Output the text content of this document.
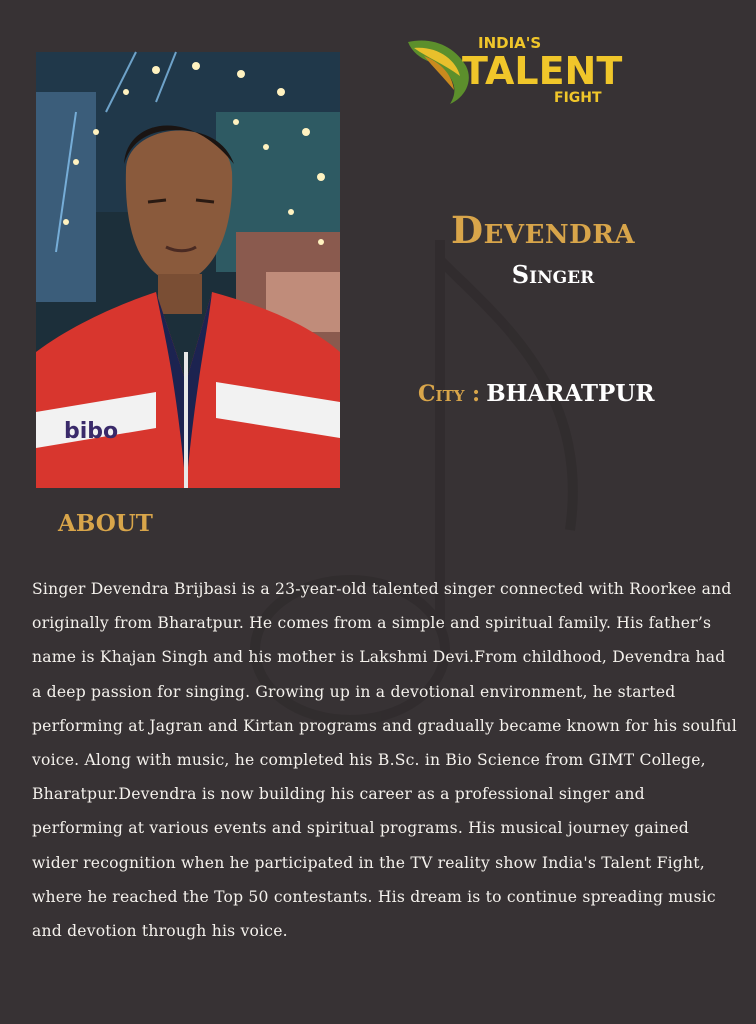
INDIA'S
TALENT
FIGHT
bibo
Devendra
Singer
City : BHARATPUR
ABOUT

Singer Devendra Brijbasi is a 23-year-old talented singer connected with Roorkee and originally from Bharatpur. He comes from a simple and spiritual family. His father’s name is Khajan Singh and his mother is Lakshmi Devi.From childhood, Devendra had a deep passion for singing. Growing up in a devotional environment, he started performing at Jagran and Kirtan programs and gradually became known for his soulful voice. Along with music, he completed his B.Sc. in Bio Science from GIMT College, Bharatpur.Devendra is now building his career as a professional singer and performing at various events and spiritual programs. His musical journey gained wider recognition when he participated in the TV reality show India's Talent Fight, where he reached the Top 50 contestants. His dream is to continue spreading music and devotion through his voice.
